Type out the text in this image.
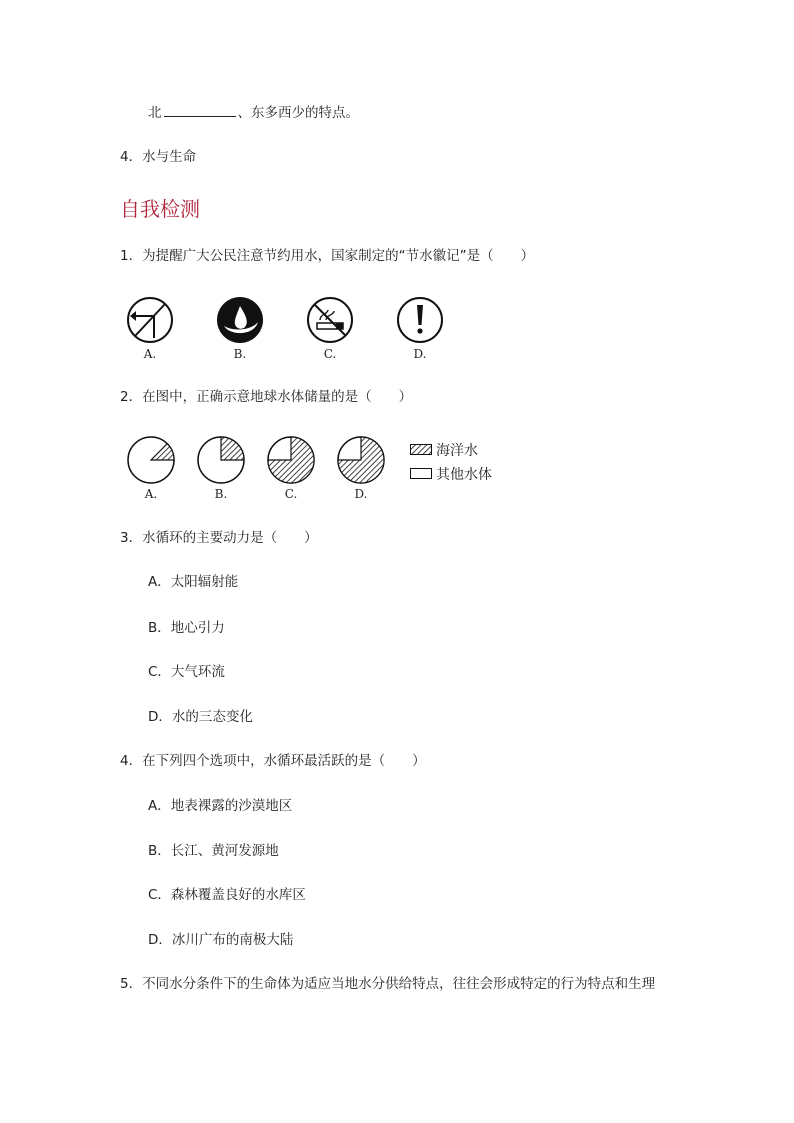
北	、东多西少的特点。
4．水与生命
自我检测
1．为提醒广大公民注意节约用水，国家制定的“节水徽记”是（　　）
A.	B.	C.	D.
2．在图中，正确示意地球水体储量的是（　　）
A.	B.	C.	D.
海洋水
其他水体
3．水循环的主要动力是（　　）
A．太阳辐射能
B．地心引力
C．大气环流
D．水的三态变化
4．在下列四个选项中，水循环最活跃的是（　　）
A．地表裸露的沙漠地区
B．长江、黄河发源地
C．森林覆盖良好的水库区
D．冰川广布的南极大陆
5．不同水分条件下的生命体为适应当地水分供给特点，往往会形成特定的行为特点和生理
